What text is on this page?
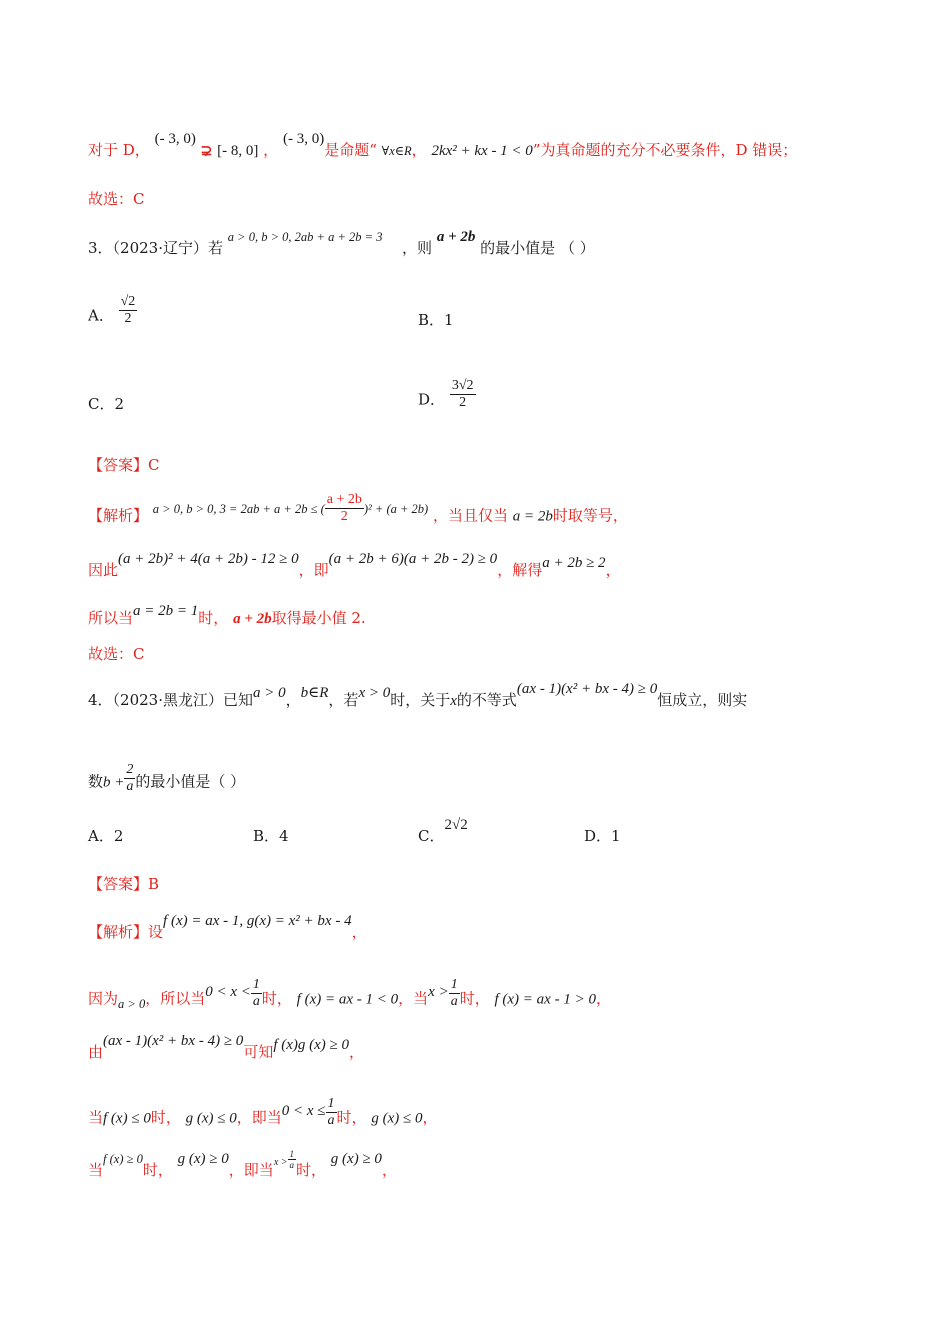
对于 D， (- 3, 0) ⊋ [- 8, 0] ， (- 3, 0)是命题“ ∀x∈R， 2kx² + kx - 1 < 0”为真命题的充分不必要条件，D 错误；
故选：C
3．（2023·辽宁）若 $^{a > 0, b > 0, 2ab + a + 2b = 3}$  ，则 a + 2b 的最小值是 （ ）
A． $\frac{√2}{2}$	B．1
C．2	D． $\frac{3√2}{2}$
【答案】C
【解析】 $^{a > 0, b > 0, 3 = 2ab + a + 2b \le (} \frac{a + 2b}{2} ^{)^2 + (a + 2b)}$ ，当且仅当 a = 2b时取等号，
因此(a + 2b)² + 4(a + 2b) - 12 ≥ 0，即(a + 2b + 6)(a + 2b - 2) ≥ 0，解得a + 2b ≥ 2，
所以当a = 2b = 1时， a + 2b取得最小值 2.
故选：C
4．（2023·黑龙江）已知a > 0，b∈R，若x > 0时，关于x的不等式(ax - 1)(x² + bx - 4) ≥ 0恒成立，则实
数$b + \frac{2}{a}$ 的最小值是（ ）
A．2	B．4	C．2√2
D．1
【答案】B
【解析】设f (x) = ax - 1, g(x) = x² + bx - 4，
因为$_{a > 0}$，所以当$0 < x < \frac{1}{a}$ 时， f (x) = ax - 1 < 0，当$x > \frac{1}{a}$ 时， f (x) = ax - 1 > 0，
由(ax - 1)(x² + bx - 4) ≥ 0可知f (x)g (x) ≥ 0，
当f (x) ≤ 0时， g (x) ≤ 0，即当$0 < x \le \frac{1}{a}$ 时， g (x) ≤ 0，
当$^{f (x) \ge 0}$时， g (x) ≥ 0，即当$^{x >} \frac{1}{a}$
时， g (x) ≥ 0，
